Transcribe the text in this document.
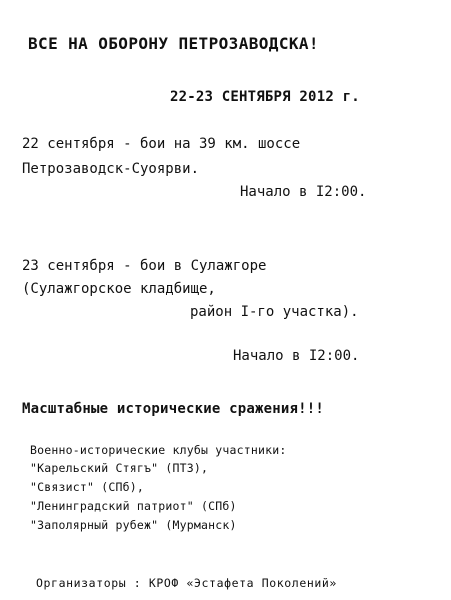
ВСЕ НА ОБОРОНУ ПЕТРОЗАВОДСКА!
22-23 СЕНТЯБРЯ 2012 г.
22 сентября - бои на 39 км. шоссе
Петрозаводск-Суоярви.
Начало в I2:00.
23 сентября - бои в Сулажгоре
(Сулажгорское кладбище,
район I-го участка).
Начало в I2:00.
Масштабные исторические сражения!!!
Военно-исторические клубы участники:
"Карельский Стягъ" (ПТЗ),
"Связист" (СПб),
"Ленинградский патриот" (СПб)
"Заполярный рубеж" (Мурманск)
Организаторы : КРОФ «Эстафета Поколений»
